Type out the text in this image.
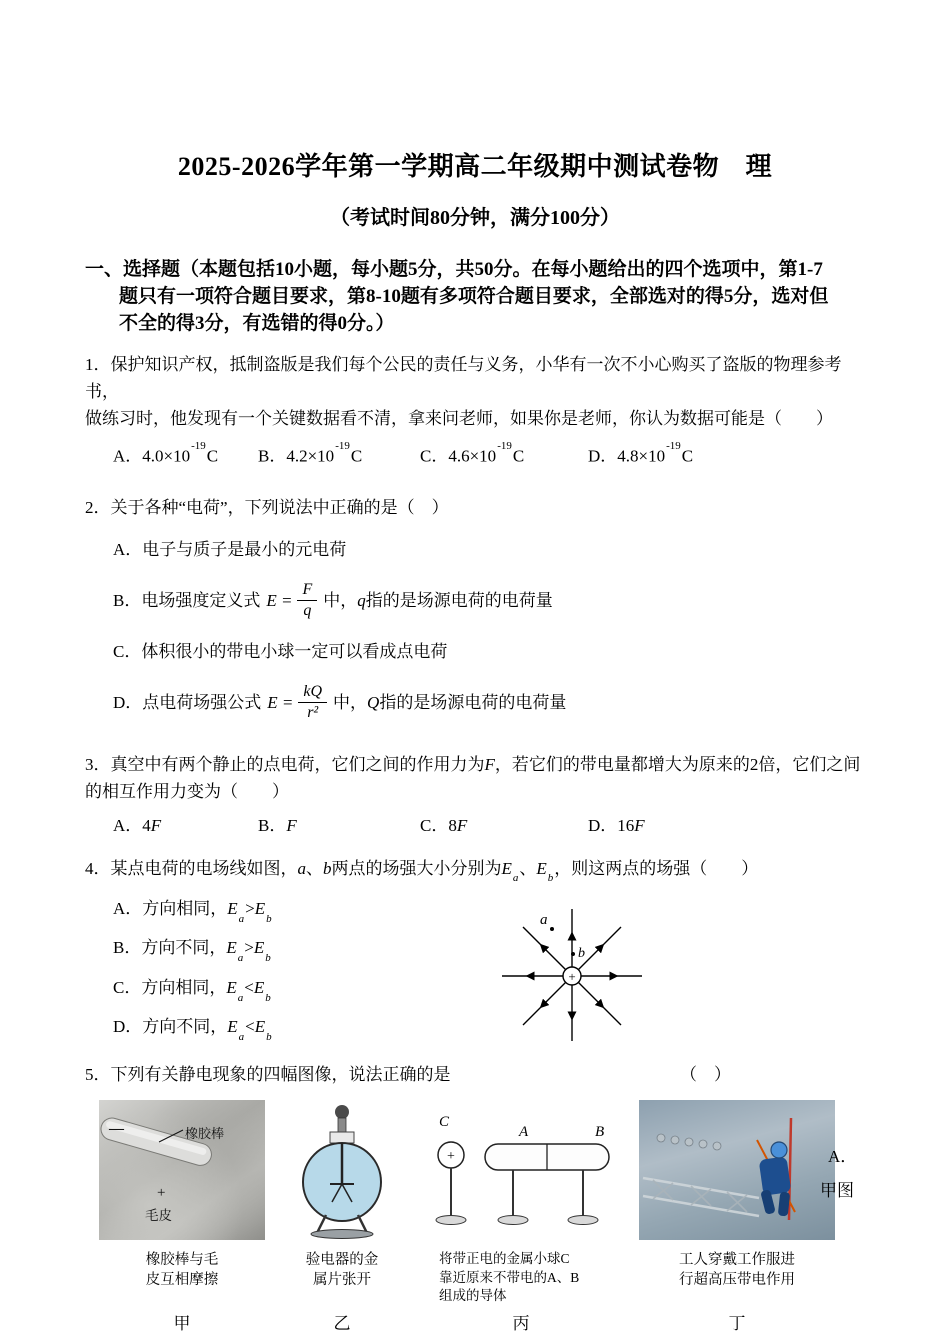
2025-2026学年第一学期高二年级期中测试卷物　理
（考试时间80分钟，满分100分）
一、选择题（本题包括10小题，每小题5分，共50分。在每小题给出的四个选项中，第1-7
题只有一项符合题目要求，第8-10题有多项符合题目要求，全部选对的得5分，选对但
不全的得3分，有选错的得0分。）
1．保护知识产权，抵制盗版是我们每个公民的责任与义务，小华有一次不小心购买了盗版的物理参考书，
做练习时，他发现有一个关键数据看不清，拿来问老师，如果你是老师，你认为数据可能是（　　）
A．$4.0\times 10^{-19}C$	B．$4.2\times 10^{-19}C$	C．$4.6\times 10^{-19}C$	D．$4.8\times 10^{-19}C$
2．关于各种“电荷”，下列说法中正确的是（　）
A．电子与质子是最小的元电荷
B．电场强度定义式 $E = \frac{F}{q}$ 中， q 指的是场源电荷的电荷量
C．体积很小的带电小球一定可以看成点电荷
D．点电荷场强公式 $E = \frac{kQ}{\text{r²}}$ 中， Q 指的是场源电荷的电荷量
3．真空中有两个静止的点电荷，它们之间的作用力为F，若它们的带电量都增大为原来的2倍，它们之间
的相互作用力变为（　　）
A．4F	B．F	C．8F	D．16F
4．某点电荷的电场线如图，a、b两点的场强大小分别为$E_a$、$E_b$，则这两点的场强（　　）
A．方向相同，$E_a>E_b$
B．方向不同，$E_a>E_b$
C．方向相同，$E_a<E_b$
D．方向不同，$E_a<E_b$
+
a
b
5．下列有关静电现象的四幅图像，说法正确的是	（　）
—	橡胶棒
+
毛皮
橡胶棒与毛
皮互相摩擦
甲
验电器的金
属片张开
乙
C
+
A	B
将带正电的金属小球C
靠近原来不带电的A、B
组成的导体
丙
工人穿戴工作服进
行超高压带电作用
丁
A．
甲图
